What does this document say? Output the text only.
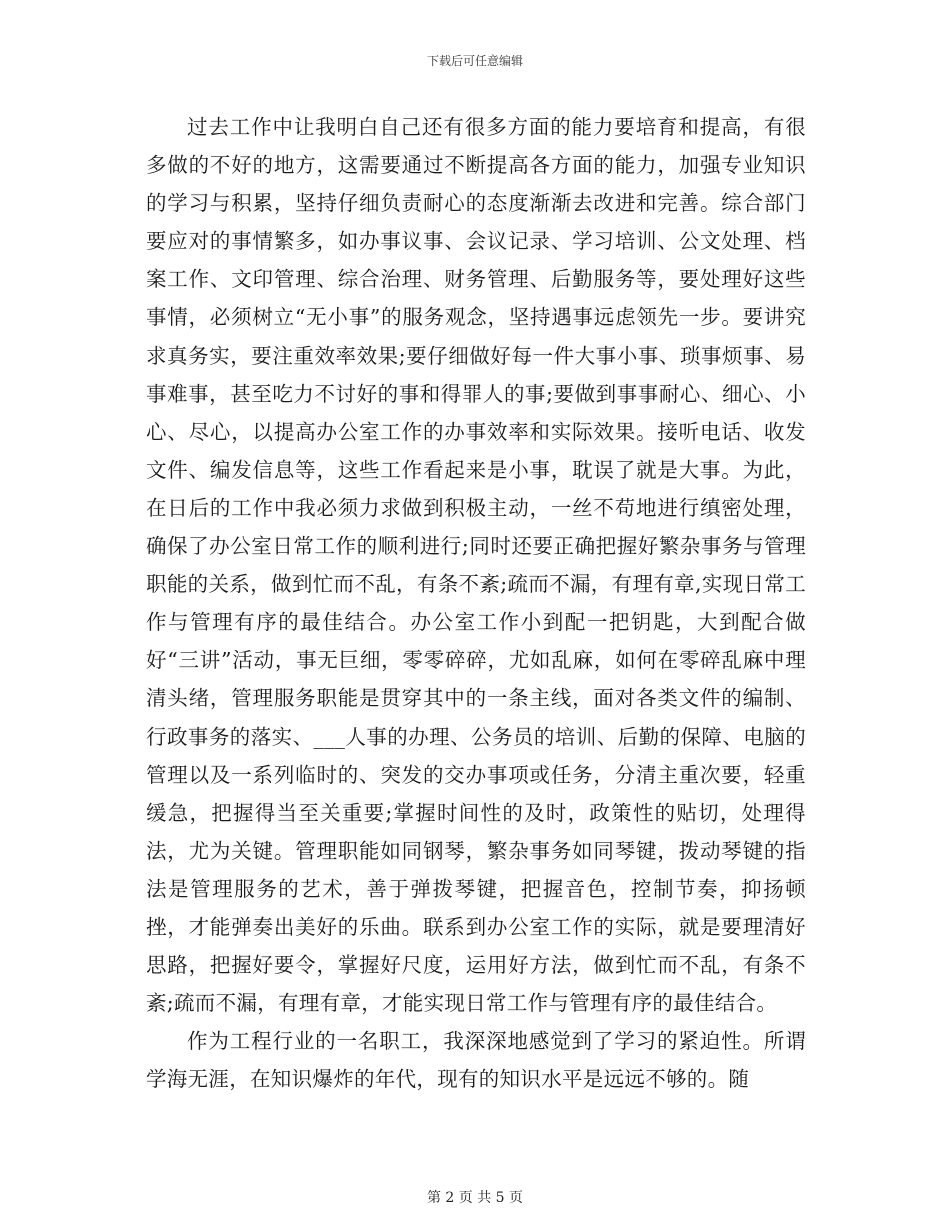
下载后可任意编辑

过去工作中让我明白自己还有很多方面的能力要培育和提高，有很多做的不好的地方，这需要通过不断提高各方面的能力，加强专业知识的学习与积累，坚持仔细负责耐心的态度渐渐去改进和完善。综合部门要应对的事情繁多，如办事议事、会议记录、学习培训、公文处理、档案工作、文印管理、综合治理、财务管理、后勤服务等，要处理好这些事情，必须树立“无小事”的服务观念，坚持遇事远虑领先一步。要讲究求真务实，要注重效率效果;要仔细做好每一件大事小事、琐事烦事、易事难事，甚至吃力不讨好的事和得罪人的事;要做到事事耐心、细心、小心、尽心，以提高办公室工作的办事效率和实际效果。接听电话、收发文件、编发信息等，这些工作看起来是小事，耽误了就是大事。为此，在日后的工作中我必须力求做到积极主动，一丝不苟地进行缜密处理，确保了办公室日常工作的顺利进行;同时还要正确把握好繁杂事务与管理职能的关系，做到忙而不乱，有条不紊;疏而不漏，有理有章,实现日常工作与管理有序的最佳结合。办公室工作小到配一把钥匙，大到配合做好“三讲”活动，事无巨细，零零碎碎，尤如乱麻，如何在零碎乱麻中理清头绪，管理服务职能是贯穿其中的一条主线，面对各类文件的编制、行政事务的落实、___人事的办理、公务员的培训、后勤的保障、电脑的管理以及一系列临时的、突发的交办事项或任务，分清主重次要，轻重缓急，把握得当至关重要;掌握时间性的及时，政策性的贴切，处理得法，尤为关键。管理职能如同钢琴，繁杂事务如同琴键，拨动琴键的指法是管理服务的艺术，善于弹拨琴键，把握音色，控制节奏，抑扬顿挫，才能弹奏出美好的乐曲。联系到办公室工作的实际，就是要理清好思路，把握好要令，掌握好尺度，运用好方法，做到忙而不乱，有条不紊;疏而不漏，有理有章，才能实现日常工作与管理有序的最佳结合。

作为工程行业的一名职工，我深深地感觉到了学习的紧迫性。所谓学海无涯，在知识爆炸的年代，现有的知识水平是远远不够的。随

第 2 页 共 5 页
